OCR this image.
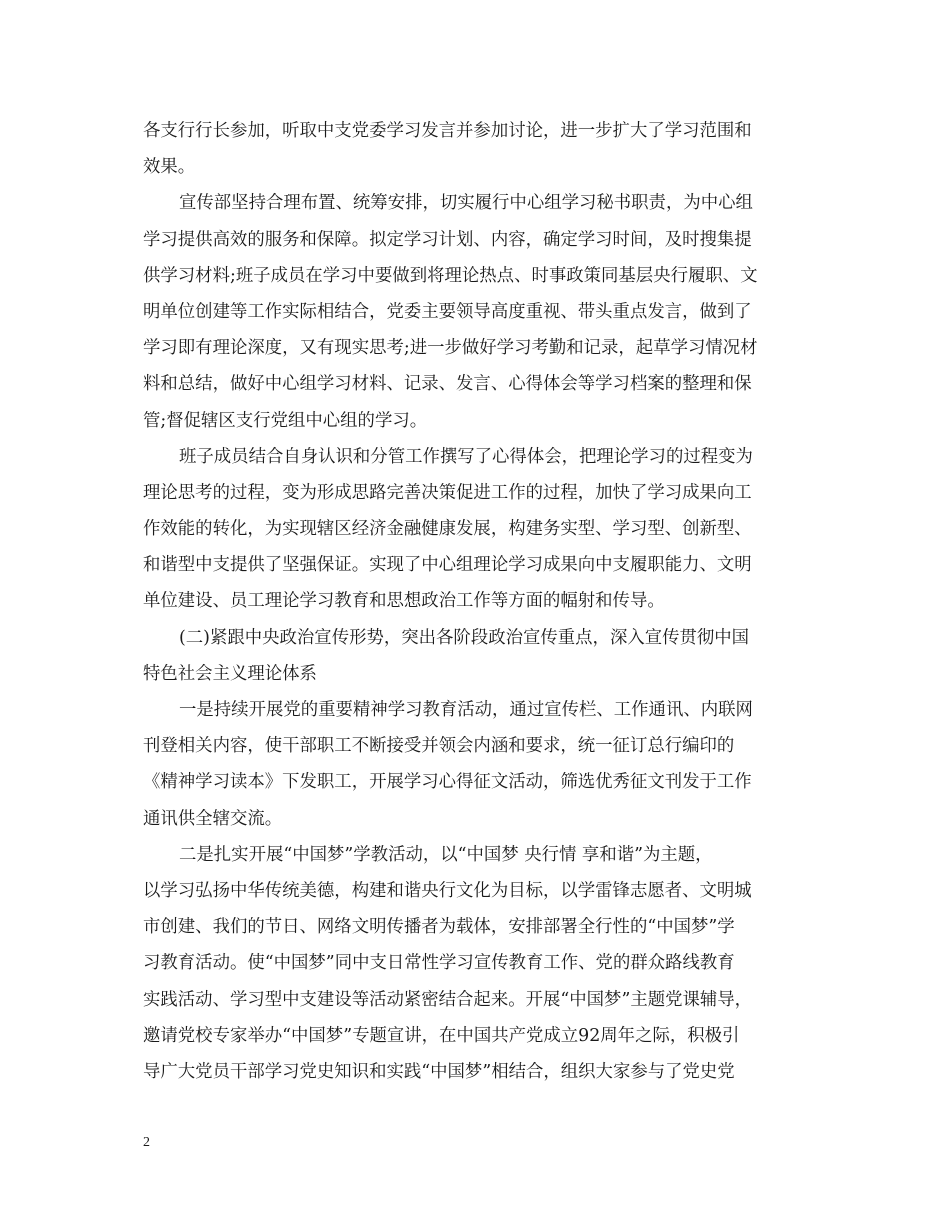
各支行行长参加，听取中支党委学习发言并参加讨论，进一步扩大了学习范围和
效果。
宣传部坚持合理布置、统筹安排，切实履行中心组学习秘书职责，为中心组
学习提供高效的服务和保障。拟定学习计划、内容，确定学习时间，及时搜集提
供学习材料;班子成员在学习中要做到将理论热点、时事政策同基层央行履职、文
明单位创建等工作实际相结合，党委主要领导高度重视、带头重点发言，做到了
学习即有理论深度，又有现实思考;进一步做好学习考勤和记录，起草学习情况材
料和总结，做好中心组学习材料、记录、发言、心得体会等学习档案的整理和保
管;督促辖区支行党组中心组的学习。
班子成员结合自身认识和分管工作撰写了心得体会，把理论学习的过程变为
理论思考的过程，变为形成思路完善决策促进工作的过程，加快了学习成果向工
作效能的转化，为实现辖区经济金融健康发展，构建务实型、学习型、创新型、
和谐型中支提供了坚强保证。实现了中心组理论学习成果向中支履职能力、文明
单位建设、员工理论学习教育和思想政治工作等方面的幅射和传导。
(二)紧跟中央政治宣传形势，突出各阶段政治宣传重点，深入宣传贯彻中国
特色社会主义理论体系
一是持续开展党的重要精神学习教育活动，通过宣传栏、工作通讯、内联网
刊登相关内容，使干部职工不断接受并领会内涵和要求，统一征订总行编印的
《精神学习读本》下发职工，开展学习心得征文活动，筛选优秀征文刊发于工作
通讯供全辖交流。
二是扎实开展“中国梦”学教活动，以“中国梦 央行情 享和谐”为主题，
以学习弘扬中华传统美德，构建和谐央行文化为目标，以学雷锋志愿者、文明城
市创建、我们的节日、网络文明传播者为载体，安排部署全行性的“中国梦”学
习教育活动。使“中国梦”同中支日常性学习宣传教育工作、党的群众路线教育
实践活动、学习型中支建设等活动紧密结合起来。开展“中国梦”主题党课辅导，
邀请党校专家举办“中国梦”专题宣讲，在中国共产党成立92周年之际，积极引
导广大党员干部学习党史知识和实践“中国梦”相结合，组织大家参与了党史党
2
